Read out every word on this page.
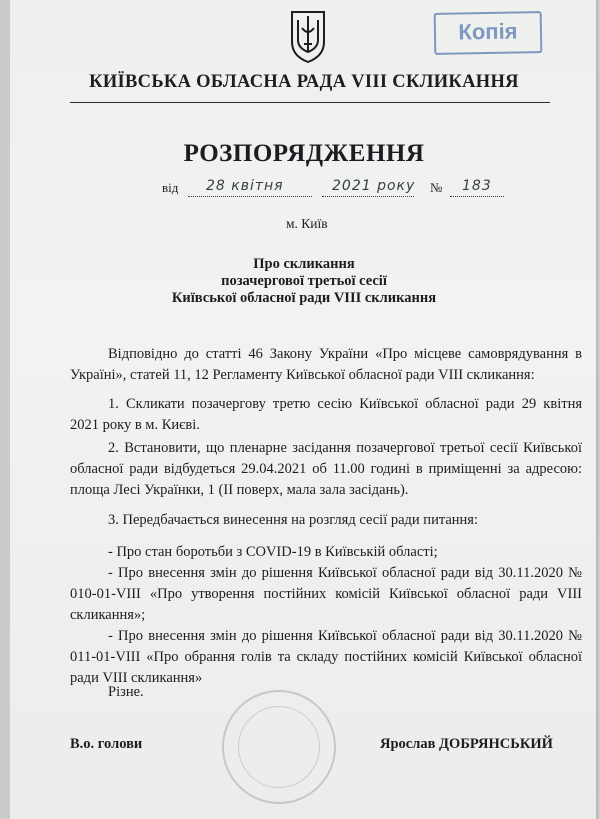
Копія
КИЇВСЬКА ОБЛАСНА РАДА VIII СКЛИКАННЯ
РОЗПОРЯДЖЕННЯ
від 28 квітня	2021 року № 183
м. Київ
Про скликання
позачергової третьої сесії
Київської обласної ради VIII скликання
Відповідно до статті 46 Закону України «Про місцеве самоврядування в Україні», статей 11, 12 Регламенту Київської обласної ради VIII скликання:
1. Скликати позачергову третю сесію Київської обласної ради 29 квітня 2021 року в м. Києві.
2. Встановити, що пленарне засідання позачергової третьої сесії Київської обласної ради відбудеться 29.04.2021 об 11.00 годині в приміщенні за адресою: площа Лесі Українки, 1 (II поверх, мала зала засідань).
3. Передбачається винесення на розгляд сесії ради питання:
- Про стан боротьби з COVID-19 в Київській області;
- Про внесення змін до рішення Київської обласної ради від 30.11.2020 № 010-01-VIII «Про утворення постійних комісій Київської обласної ради VIII скликання»;
- Про внесення змін до рішення Київської обласної ради від 30.11.2020 № 011-01-VIII «Про обрання голів та складу постійних комісій Київської обласної ради VIII скликання»
Різне.
В.о. голови	Ярослав ДОБРЯНСЬКИЙ
